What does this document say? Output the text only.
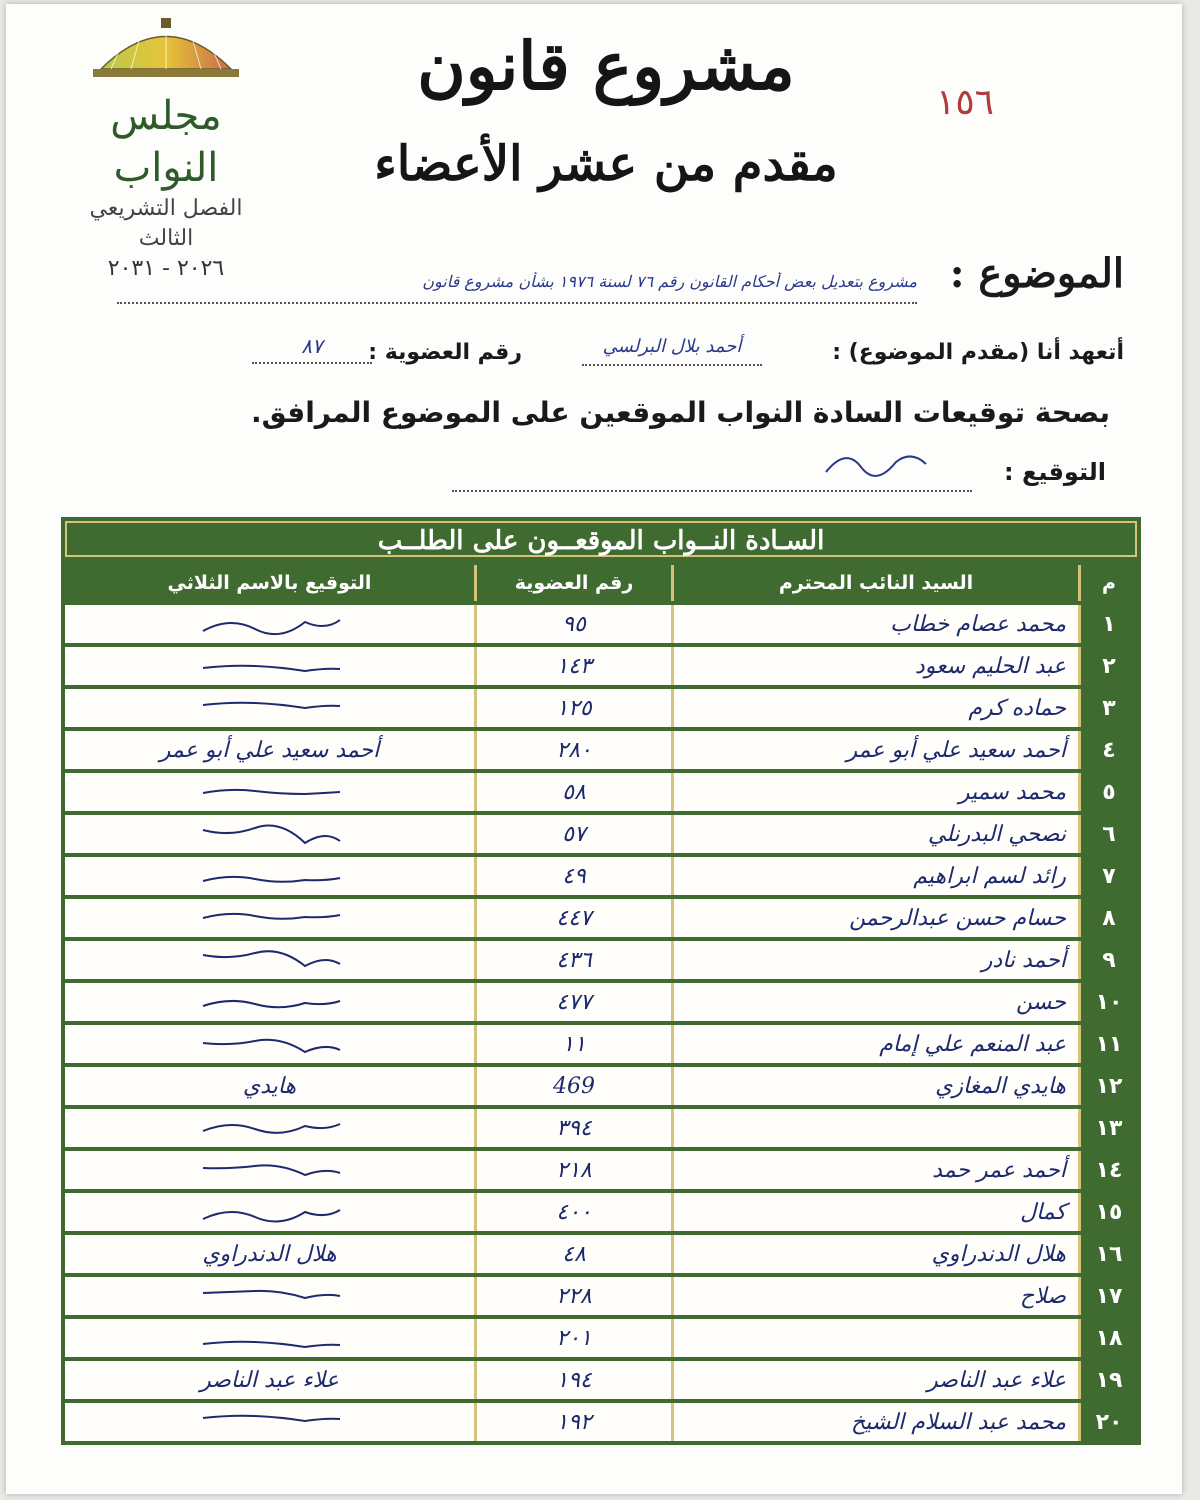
مجلس النواب
الفصل التشريعي الثالث
٢٠٢٦ - ٢٠٣١
مشروع قانون
مقدم من عشر الأعضاء
١٥٦
الموضوع :
مشروع بتعديل بعض أحكام القانون رقم ٧٦ لسنة ١٩٧٦ بشأن مشروع قانون
أتعهد أنا (مقدم الموضوع) :
أحمد بلال البرلسي
رقم العضوية :
٨٧
بصحة توقيعات السادة النواب الموقعين على الموضوع المرافق.
التوقيع :
السـادة النــواب الموقعــون على الطلــب
م	السيد النائب المحترم	رقم العضوية	التوقيع بالاسم الثلاثي
١	محمد عصام خطاب	٩٥	
٢	عبد الحليم سعود	١٤٣	
٣	حماده كرم	١٢٥	
٤	أحمد سعيد علي أبو عمر	٢٨٠	أحمد سعيد علي أبو عمر
٥	محمد سمير	٥٨	
٦	نصحي البدرنلي	٥٧	
٧	رائد لسم ابراهيم	٤٩	
٨	حسام حسن عبدالرحمن	٤٤٧	
٩	أحمد نادر	٤٣٦	
١٠	حسن	٤٧٧	
١١	عبد المنعم علي إمام	١١	
١٢	هايدي المغازي	469	هايدي
١٣		٣٩٤	
١٤	أحمد عمر حمد	٢١٨	
١٥	كمال	٤٠٠	
١٦	هلال الدندراوي	٤٨	هلال الدندراوي
١٧	صلاح	٢٢٨	
١٨		٢٠١	
١٩	علاء عبد الناصر	١٩٤	علاء عبد الناصر
٢٠	محمد عبد السلام الشيخ	١٩٢	
